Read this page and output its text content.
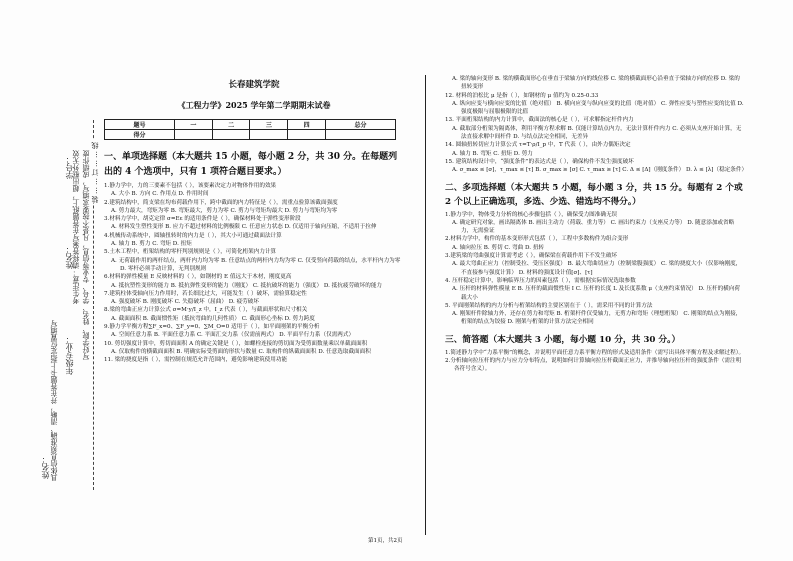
学号：
姓名：
年级专业：
姓名：
考生注意：请将答案写在答题纸上，超出框外无效 写好学院、姓名、学号、专业等信息，凡是不按要求填写，成绩作废
具体信息须准确、清晰，并在答题卡上指定位置填写
装……订……线
长春建筑学院
《工程力学》2025 学年第二学期期末试卷
题号	一	二	三	四	总分
得分					
一、单项选择题（本大题共 15 小题，每小题 2 分，共 30 分。在每题列出的 4 个选项中，只有 1 项符合题目要求。）

1.静力学中，力的三要素不包括（ ），该要素决定力对物体作用的效果

A. 大小 B. 方向 C. 作用点 D. 作用时间

2.建筑结构中，简支梁在均布荷载作用下，跨中截面的内力特征是（ ），需重点验算该截面强度

A. 剪力最大，弯矩为零 B. 弯矩最大，剪力为零 C. 剪力与弯矩均最大 D. 剪力与弯矩均为零

3.材料力学中，胡克定律 σ=Eε 的适用条件是（ ），确保材料处于弹性变形阶段

A. 材料发生塑性变形 B. 应力不超过材料的比例极限 C. 任意应力状态 D. 仅适用于轴向压缩，不适用于拉伸

4.机械传动系统中，圆轴扭转时的内力是（ ），其大小可通过截面法计算

A. 轴力 B. 剪力 C. 弯矩 D. 扭矩

5.土木工程中，桁架结构的零杆判别规则是（ ），可简化桁架内力计算

A. 无荷载作用的两杆结点，两杆内力均为零 B. 任意结点的两杆内力均为零 C. 仅受竖向荷载的结点，水平杆内力为零 D. 零杆必须手动计算，无判别规则

6.材料的弹性模量 E 反映材料的（ ），如钢材的 E 值远大于木材，刚度更高

A. 抵抗塑性变形的能力 B. 抵抗弹性变形的能力（刚度） C. 抵抗破坏的能力（强度） D. 抵抗疲劳破坏的能力

7.建筑柱体受轴向压力作用时，若长细比过大，可能发生（ ）破坏，需验算稳定性

A. 强度破坏 B. 刚度破坏 C. 失稳破坏（屈曲） D. 疲劳破坏

8.梁的弯曲正应力计算公式 σ=M·y/I_z 中，I_z 代表（ ），与截面形状和尺寸相关

A. 截面面积 B. 截面惯性矩（抵抗弯曲的几何性质） C. 截面形心坐标 D. 剪力跨度

9.静力学平衡方程∑F_x=0、∑F_y=0、∑M_O=0 适用于（ ），如平面刚架的平衡分析

A. 空间任意力系 B. 平面任意力系 C. 平面汇交力系（仅需前两式） D. 平面平行力系（仅需两式）

10. 剪切强度计算中，剪切面面积 A 的确定关键是（ ），如螺栓连接的剪切面为受剪面数量乘以单截面面积

A. 仅取构件的横截面面积 B. 明确实际受剪面的形状与数量 C. 取构件的纵截面面积 D. 任意选取截面面积

11. 梁的挠度是指（ ），需控制在规范允许范围内，避免影响建筑使用功能

A. 梁的轴向变形 B. 梁的横截面形心在垂直于梁轴方向的线位移 C. 梁的横截面形心沿垂直于梁轴方向的位移 D. 梁的扭转变形

12. 材料的泊松比 μ 是指（ ），如钢材的 μ 值约为 0.25-0.33

A. 纵向应变与横向应变的比值（绝对值） B. 横向应变与纵向应变的比值（绝对值） C. 弹性应变与塑性应变的比值 D. 强度极限与屈服极限的比值

13. 平面桁架结构的内力计算中，截面法的核心是（ ），可求解指定杆件内力

A. 截取部分桁架为隔离体，利用平衡方程求解 B. 仅能计算结点内力，无法计算杆件内力 C. 必须从支座开始计算，无法直接求解中间杆件 D. 与结点法完全相同，无差异

14. 圆轴扭转切应力计算公式 τ=T·ρ/I_p 中，T 代表（ ），由外力偶矩决定

A. 轴力 B. 弯矩 C. 扭矩 D. 剪力

15. 建筑结构设计中，“强度条件”的表达式是（ ），确保构件不发生强度破坏

A. σ_max ≤ [σ]，τ_max ≤ [τ] B. σ_max ≥ [σ] C. τ_max ≥ [τ] C. Δ ≤ [Δ]（刚度条件） D. λ ≤ [λ]（稳定条件）

二、多项选择题（本大题共 5 小题，每小题 3 分，共 15 分。每题有 2 个或 2 个以上正确选项，多选、少选、错选均不得分。）

1.静力学中，物体受力分析的核心步骤包括（ ），确保受力图准确无误

A. 确定研究对象，画出隔离体 B. 画出主动力（荷载、重力等） C. 画出约束力（支座反力等） D. 随意添加或省略力，无需验证

2.材料力学中，构件的基本变形形式包括（ ），工程中多数构件为组合变形

A. 轴向拉压 B. 剪切 C. 弯曲 D. 扭转

3.建筑梁的弯曲强度计算需考虑（ ），确保梁在荷载作用下不发生破坏

A. 最大弯曲正应力（控制受拉、受压区强度） B. 最大弯曲切应力（控制梁腹强度） C. 梁的挠度大小（仅影响刚度，不直接参与强度计算） D. 材料的强度设计值[σ]、[τ]

4. 压杆稳定计算中，影响临界压力的因素包括（ ），需根据实际情况选取参数

A. 压杆的材料弹性模量 E B. 压杆的截面惯性矩 I C. 压杆的长度 L 及长度系数 μ（支座约束情况） D. 压杆的横向荷载大小

5. 平面刚架结构的内力分析与桁架结构的主要区别在于（ ），需采用不同的计算方法

A. 刚架杆件除轴力外，还存在剪力和弯矩 B. 桁架杆件仅受轴力，无剪力和弯矩（理想桁架） C. 刚架的结点为刚接，桁架的结点为铰接 D. 刚架与桁架的计算方法完全相同

三、简答题（本大题共 3 小题，每小题 10 分，共 30 分。）

1.简述静力学中“力系平衡”的概念，并说明平面任意力系平衡方程的形式及适用条件（需写出具体平衡方程及求解过程）。

2.分析轴向拉压杆的内力与应力分布特点，说明如何计算轴向拉压杆截面正应力，并推导轴向拉压杆的强度条件（需注明各符号含义）。

第1页，共2页
